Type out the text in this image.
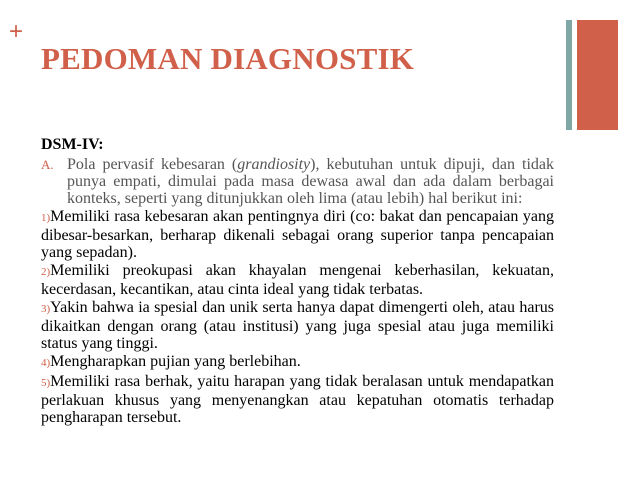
+
PEDOMAN DIAGNOSTIK

DSM-IV:

A. Pola pervasif kebesaran (grandiosity), kebutuhan untuk dipuji, dan tidak punya empati, dimulai pada masa dewasa awal dan ada dalam berbagai konteks, seperti yang ditunjukkan oleh lima (atau lebih) hal berikut ini:

1)Memiliki rasa kebesaran akan pentingnya diri (co: bakat dan pencapaian yang dibesar-besarkan, berharap dikenali sebagai orang superior tanpa pencapaian yang sepadan).

2)Memiliki preokupasi akan khayalan mengenai keberhasilan, kekuatan, kecerdasan, kecantikan, atau cinta ideal yang tidak terbatas.

3)Yakin bahwa ia spesial dan unik serta hanya dapat dimengerti oleh, atau harus dikaitkan dengan orang (atau institusi) yang juga spesial atau juga memiliki status yang tinggi.

4)Mengharapkan pujian yang berlebihan.

5)Memiliki rasa berhak, yaitu harapan yang tidak beralasan untuk mendapatkan perlakuan khusus yang menyenangkan atau kepatuhan otomatis terhadap pengharapan tersebut.
